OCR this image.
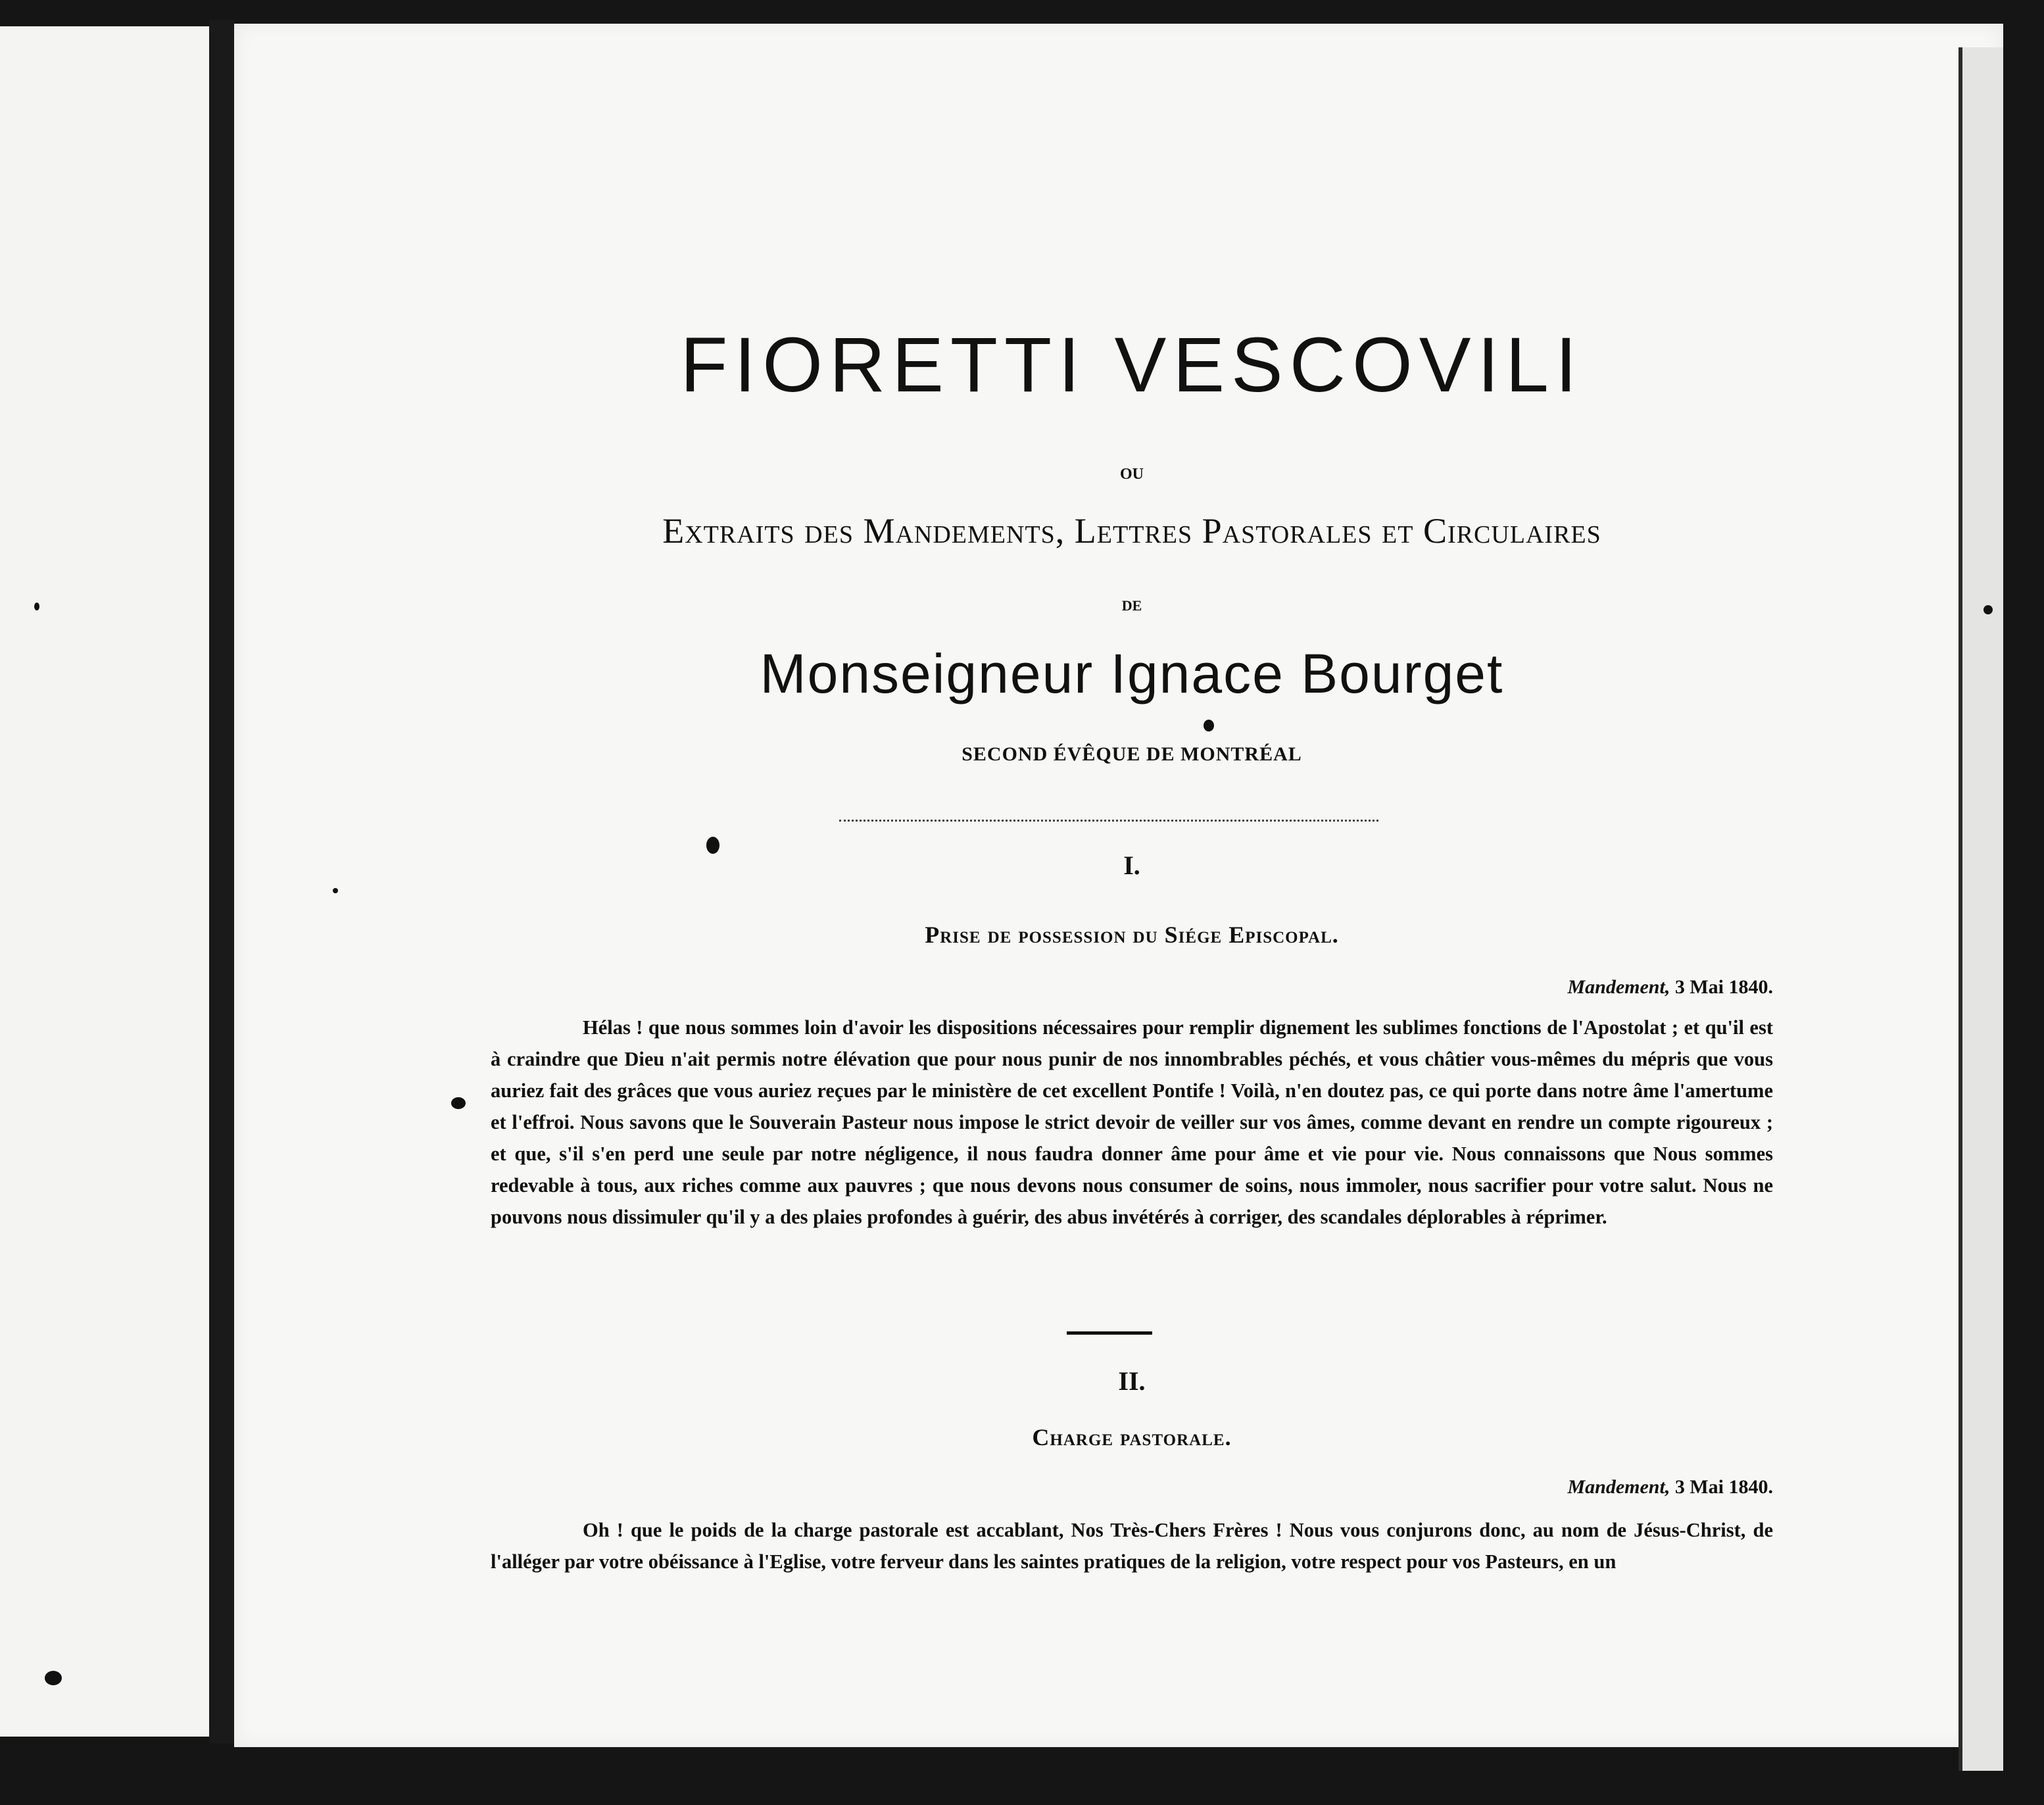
FIORETTI VESCOVILI
OU
Extraits des Mandements, Lettres Pastorales et Circulaires
DE
Monseigneur Ignace Bourget
SECOND ÉVÊQUE DE MONTRÉAL
I.
Prise de possession du Siége Episcopal.
Mandement, 3 Mai 1840.
Hélas ! que nous sommes loin d'avoir les dispositions nécessaires pour remplir dignement les sublimes fonctions de l'Apostolat ; et qu'il est à craindre que Dieu n'ait permis notre élévation que pour nous punir de nos innombrables péchés, et vous châtier vous-mêmes du mépris que vous auriez fait des grâces que vous auriez reçues par le ministère de cet excellent Pontife ! Voilà, n'en doutez pas, ce qui porte dans notre âme l'amertume et l'effroi. Nous savons que le Souverain Pasteur nous impose le strict devoir de veiller sur vos âmes, comme devant en rendre un compte rigoureux ; et que, s'il s'en perd une seule par notre négligence, il nous faudra donner âme pour âme et vie pour vie. Nous connaissons que Nous sommes redevable à tous, aux riches comme aux pauvres ; que nous devons nous consumer de soins, nous immoler, nous sacrifier pour votre salut. Nous ne pouvons nous dissimuler qu'il y a des plaies profondes à guérir, des abus invétérés à corriger, des scandales déplorables à réprimer.
II.
Charge pastorale.
Mandement, 3 Mai 1840.
Oh ! que le poids de la charge pastorale est accablant, Nos Très-Chers Frères ! Nous vous conjurons donc, au nom de Jésus-Christ, de l'alléger par votre obéissance à l'Eglise, votre ferveur dans les saintes pratiques de la religion, votre respect pour vos Pasteurs, en un
